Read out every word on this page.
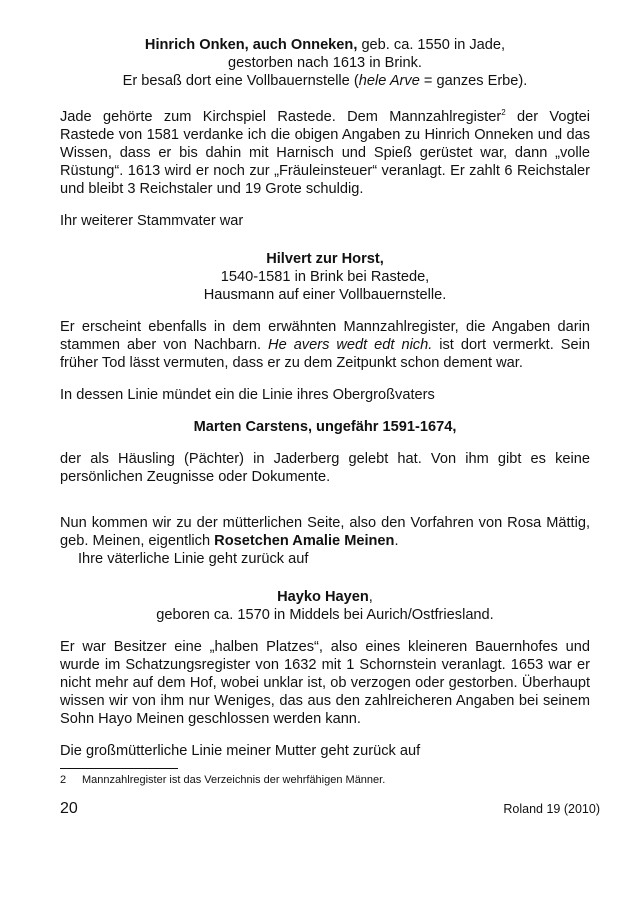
Hinrich Onken, auch Onneken, geb. ca. 1550 in Jade,
gestorben nach 1613 in Brink.
Er besaß dort eine Vollbauernstelle (hele Arve = ganzes Erbe).

Jade gehörte zum Kirchspiel Rastede. Dem Mannzahlregister$^2$ der Vogtei Rastede von 1581 verdanke ich die obigen Angaben zu Hinrich Onneken und das Wissen, dass er bis dahin mit Harnisch und Spieß gerüstet war, dann „volle Rüstung“. 1613 wird er noch zur „Fräuleinsteuer“ veranlagt. Er zahlt 6 Reichstaler und bleibt 3 Reichstaler und 19 Grote schuldig.

Ihr weiterer Stammvater war

Hilvert zur Horst,
1540-1581 in Brink bei Rastede,
Hausmann auf einer Vollbauernstelle.

Er erscheint ebenfalls in dem erwähnten Mannzahlregister, die Angaben darin stammen aber von Nachbarn. He avers wedt edt nich. ist dort vermerkt. Sein früher Tod lässt vermuten, dass er zu dem Zeitpunkt schon dement war.

In dessen Linie mündet ein die Linie ihres Obergroßvaters

Marten Carstens, ungefähr 1591-1674,

der als Häusling (Pächter) in Jaderberg gelebt hat. Von ihm gibt es keine persönlichen Zeugnisse oder Dokumente.

Nun kommen wir zu der mütterlichen Seite, also den Vorfahren von Rosa Mättig, geb. Meinen, eigentlich Rosetchen Amalie Meinen.
Ihre väterliche Linie geht zurück auf

Hayko Hayen,
geboren ca. 1570 in Middels bei Aurich/Ostfriesland.

Er war Besitzer eine „halben Platzes“, also eines kleineren Bauernhofes und wurde im Schatzungsregister von 1632 mit 1 Schornstein veranlagt. 1653 war er nicht mehr auf dem Hof, wobei unklar ist, ob verzogen oder gestorben. Überhaupt wissen wir von ihm nur Weniges, das aus den zahlreicheren Angaben bei seinem Sohn Hayo Meinen geschlossen werden kann.

Die großmütterliche Linie meiner Mutter geht zurück auf

2 Mannzahlregister ist das Verzeichnis der wehrfähigen Männer.
20	Roland 19 (2010)
